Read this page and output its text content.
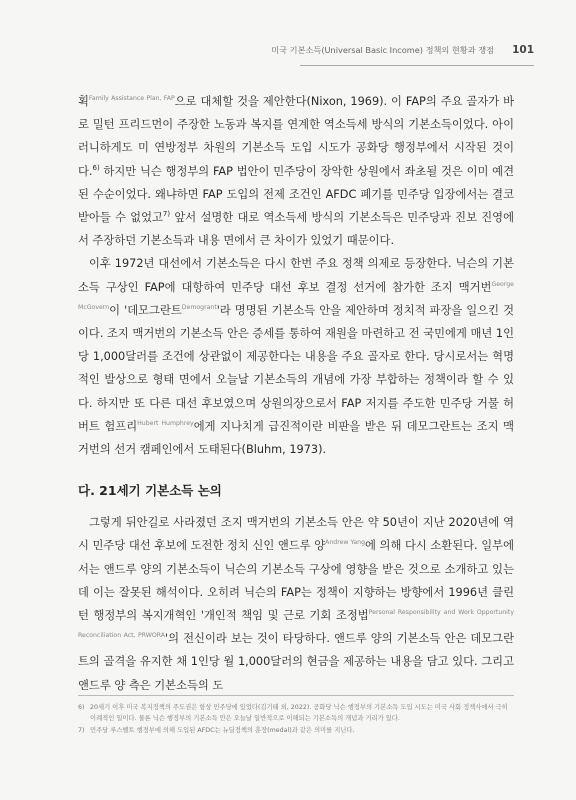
미국 기본소득(Universal Basic Income) 정책의 현황과 쟁점 101

획$^{Family Assistance Plan, FAP}$으로 대체할 것을 제안한다(Nixon, 1969). 이 FAP의 주요 골자가 바로 밀턴 프리드먼이 주장한 노동과 복지를 연계한 역소득세 방식의 기본소득이었다. 아이러니하게도 미 연방정부 차원의 기본소득 도입 시도가 공화당 행정부에서 시작된 것이다.$^{6)}$ 하지만 닉슨 행정부의 FAP 법안이 민주당이 장악한 상원에서 좌초될 것은 이미 예견된 수순이었다. 왜냐하면 FAP 도입의 전제 조건인 AFDC 폐기를 민주당 입장에서는 결코 받아들 수 없었고$^{7)}$ 앞서 설명한 대로 역소득세 방식의 기본소득은 민주당과 진보 진영에서 주장하던 기본소득과 내용 면에서 큰 차이가 있었기 때문이다.

이후 1972년 대선에서 기본소득은 다시 한번 주요 정책 의제로 등장한다. 닉슨의 기본소득 구상인 FAP에 대항하여 민주당 대선 후보 결정 선거에 참가한 조지 맥거번$^{George McGovern}$이 '데모그란트$^{Demogrant}$'라 명명된 기본소득 안을 제안하며 정치적 파장을 일으킨 것이다. 조지 맥거번의 기본소득 안은 증세를 통하여 재원을 마련하고 전 국민에게 매년 1인당 1,000달러를 조건에 상관없이 제공한다는 내용을 주요 골자로 한다. 당시로서는 혁명적인 발상으로 형태 면에서 오늘날 기본소득의 개념에 가장 부합하는 정책이라 할 수 있다. 하지만 또 다른 대선 후보였으며 상원의장으로서 FAP 저지를 주도한 민주당 거물 허버트 험프리$^{Hubert Humphrey}$에게 지나치게 급진적이란 비판을 받은 뒤 데모그란트는 조지 맥거번의 선거 캠페인에서 도태된다(Bluhm, 1973).

다. 21세기 기본소득 논의

그렇게 뒤안길로 사라졌던 조지 맥거번의 기본소득 안은 약 50년이 지난 2020년에 역시 민주당 대선 후보에 도전한 정치 신인 앤드루 양$^{Andrew Yang}$에 의해 다시 소환된다. 일부에서는 앤드루 양의 기본소득이 닉슨의 기본소득 구상에 영향을 받은 것으로 소개하고 있는데 이는 잘못된 해석이다. 오히려 닉슨의 FAP는 정책이 지향하는 방향에서 1996년 클린턴 행정부의 복지개혁인 '개인적 책임 및 근로 기회 조정법$^{Personal Responsibility and Work Opportunity Reconciliation Act, PRWORA}$'의 전신이라 보는 것이 타당하다. 앤드루 양의 기본소득 안은 데모그란트의 골격을 유지한 채 1인당 월 1,000달러의 현금을 제공하는 내용을 담고 있다. 그리고 앤드루 양 측은 기본소득의 도

6) 20세기 이후 미국 복지정책의 주도권은 항상 민주당에 있었다(김기태 외, 2022). 공화당 닉슨 행정부의 기본소득 도입 시도는 미국 사회 정책사에서 극히 이례적인 일이다. 물론 닉슨 행정부의 기본소득 안은 오늘날 일반적으로 이해되는 기본소득의 개념과 거리가 있다.
7) 민주당 루스벨트 행정부에 의해 도입된 AFDC는 뉴딜정책의 훈장(medal)과 같은 의미를 지닌다.
